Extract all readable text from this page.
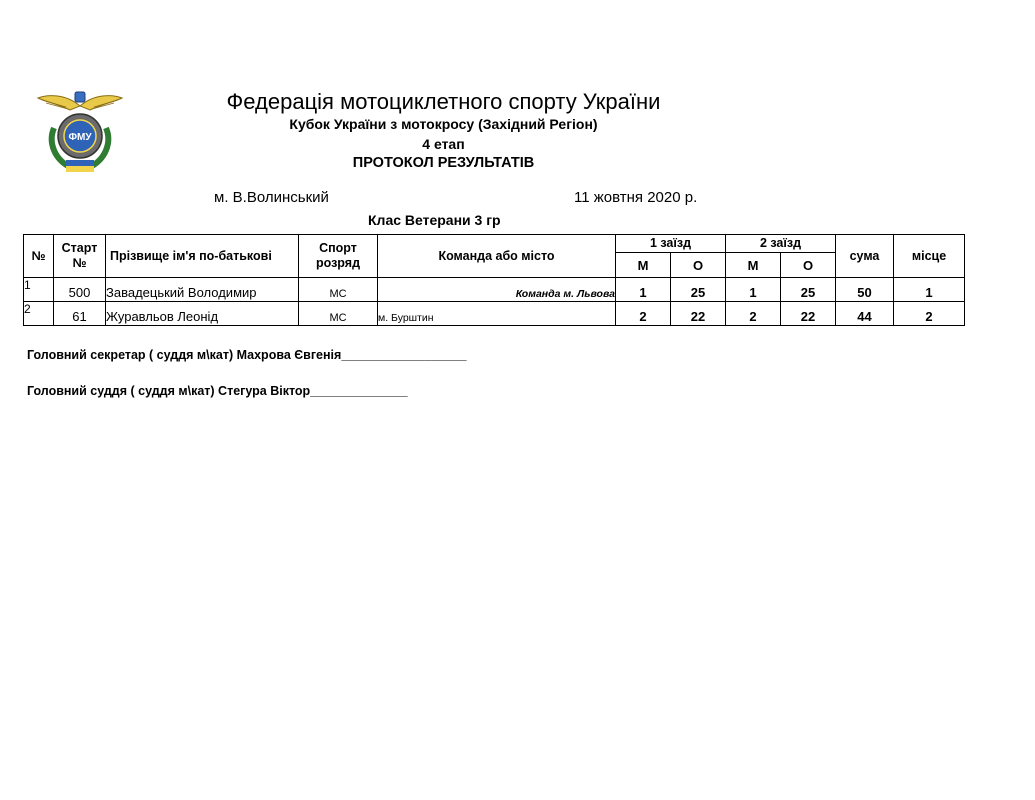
ФМУ
Федерація мотоциклетного спорту України
Кубок України з мотокросу (Західний Регіон)
4 етап
ПРОТОКОЛ РЕЗУЛЬТАТІВ
м. В.Волинський	11 жовтня 2020 р.
Клас Ветерани 3 гр
№	Старт №	Прізвище ім'я по-батькові	Спорт розряд	Команда або місто	1 заїзд		2 заїзд		сума	місце
					М	О	М	О		
1	500	Завадецький Володимир	МС	Команда м. Львова	1	25	1	25	50	1
2	61	Журавльов Леонід	МС	м. Бурштин	2	22	2	22	44	2
Головний секретар ( суддя м\кат) Махрова Євгенія__________________
Головний суддя ( суддя м\кат) Стегура Віктор______________
